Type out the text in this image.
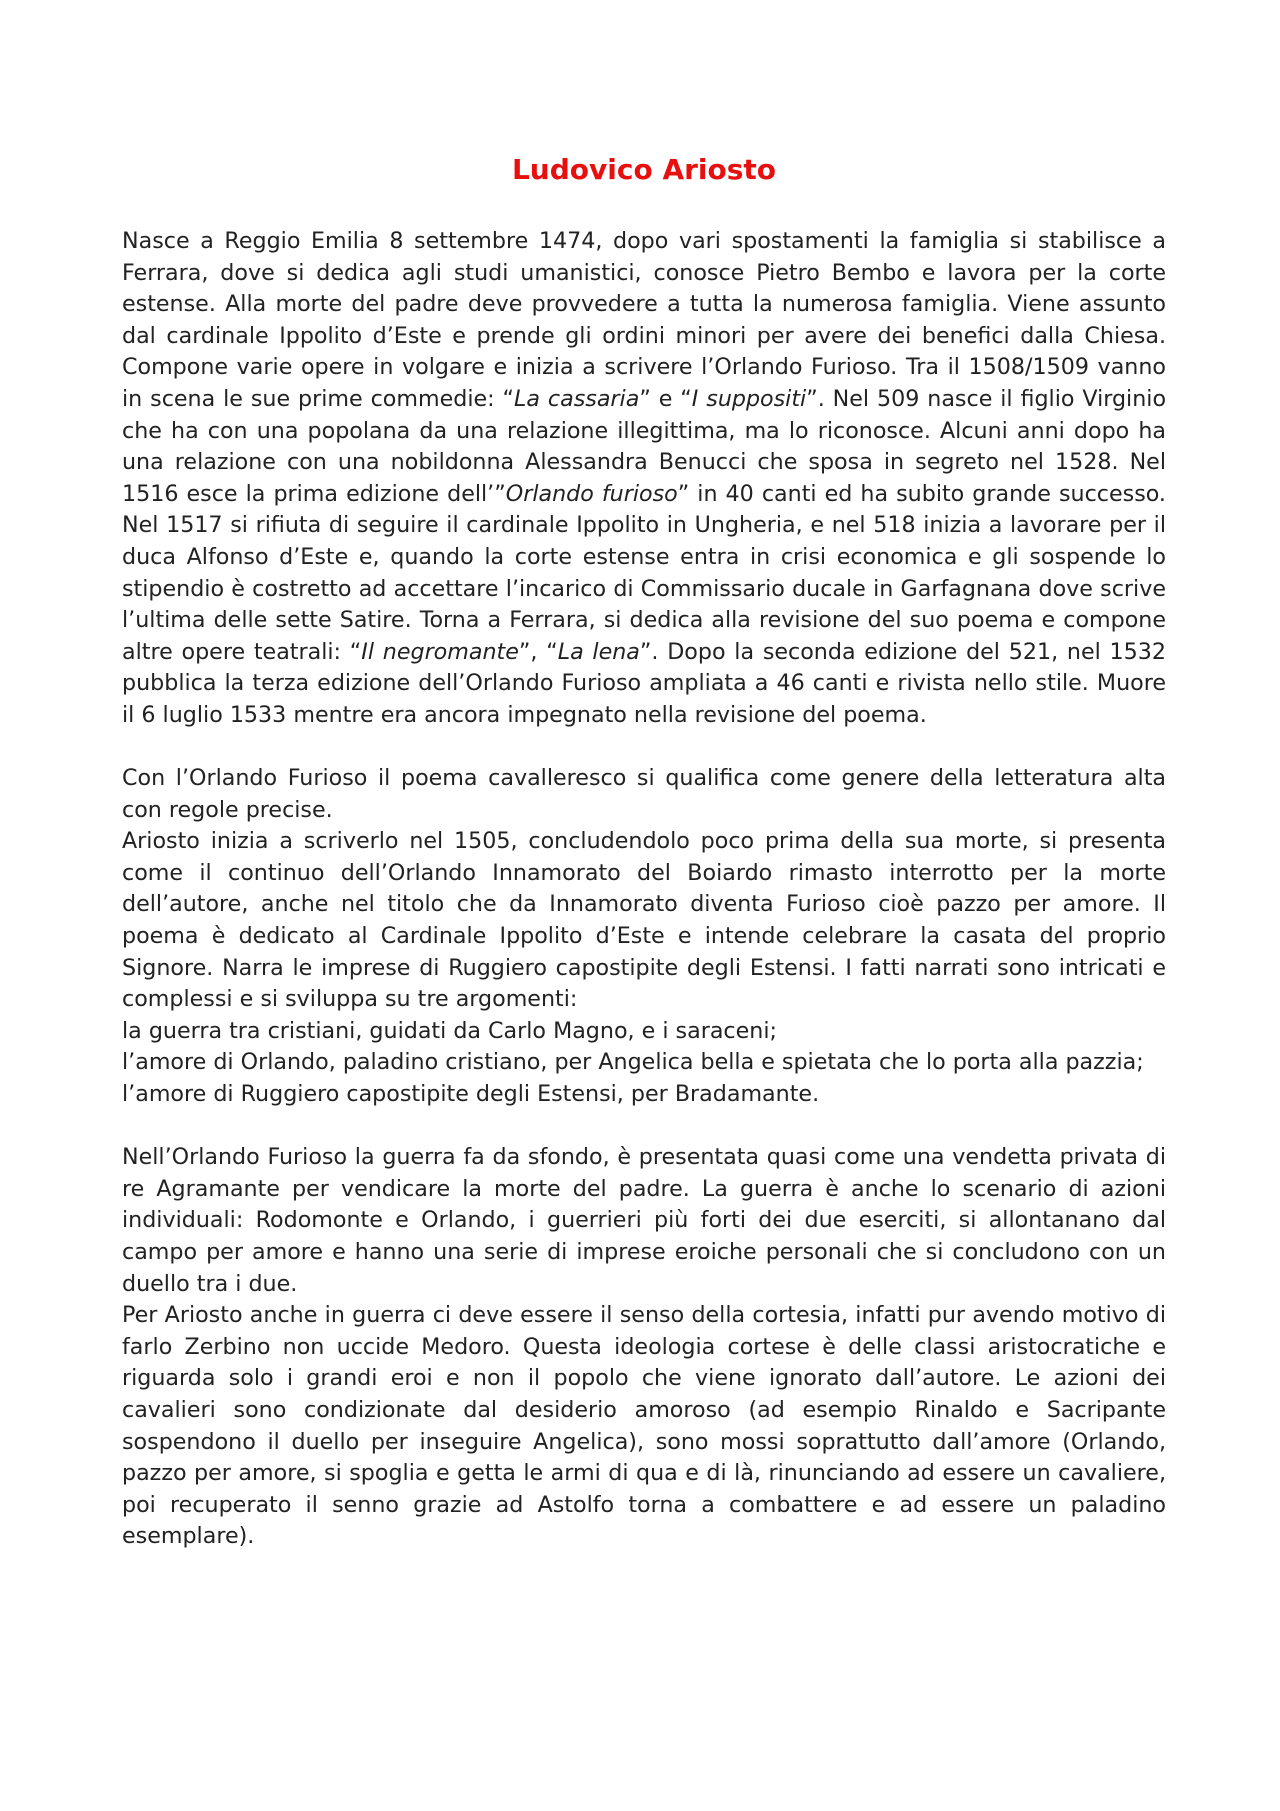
Ludovico Ariosto

Nasce a Reggio Emilia 8 settembre 1474, dopo vari spostamenti la famiglia si stabilisce a Ferrara, dove si dedica agli studi umanistici, conosce Pietro Bembo e lavora per la corte estense. Alla morte del padre deve provvedere a tutta la numerosa famiglia. Viene assunto dal cardinale Ippolito d’Este e prende gli ordini minori per avere dei benefici dalla Chiesa. Compone varie opere in volgare e inizia a scrivere l’Orlando Furioso. Tra il 1508/1509 vanno in scena le sue prime commedie: “La cassaria” e “I suppositi”. Nel 509 nasce il figlio Virginio che ha con una popolana da una relazione illegittima, ma lo riconosce. Alcuni anni dopo ha una relazione con una nobildonna Alessandra Benucci che sposa in segreto nel 1528. Nel 1516 esce la prima edizione dell’”Orlando furioso” in 40 canti ed ha subito grande successo. Nel 1517 si rifiuta di seguire il cardinale Ippolito in Ungheria, e nel 518 inizia a lavorare per il duca Alfonso d’Este e, quando la corte estense entra in crisi economica e gli sospende lo stipendio è costretto ad accettare l’incarico di Commissario ducale in Garfagnana dove scrive l’ultima delle sette Satire. Torna a Ferrara, si dedica alla revisione del suo poema e compone altre opere teatrali: “Il negromante”, “La lena”. Dopo la seconda edizione del 521, nel 1532 pubblica la terza edizione dell’Orlando Furioso ampliata a 46 canti e rivista nello stile. Muore il 6 luglio 1533 mentre era ancora impegnato nella revisione del poema.

Con l’Orlando Furioso il poema cavalleresco si qualifica come genere della letteratura alta con regole precise.

Ariosto inizia a scriverlo nel 1505, concludendolo poco prima della sua morte, si presenta come il continuo dell’Orlando Innamorato del Boiardo rimasto interrotto per la morte dell’autore, anche nel titolo che da Innamorato diventa Furioso cioè pazzo per amore. Il poema è dedicato al Cardinale Ippolito d’Este e intende celebrare la casata del proprio Signore. Narra le imprese di Ruggiero capostipite degli Estensi. I fatti narrati sono intricati e complessi e si sviluppa su tre argomenti:

la guerra tra cristiani, guidati da Carlo Magno, e i saraceni;

l’amore di Orlando, paladino cristiano, per Angelica bella e spietata che lo porta alla pazzia;

l’amore di Ruggiero capostipite degli Estensi, per Bradamante.

Nell’Orlando Furioso la guerra fa da sfondo, è presentata quasi come una vendetta privata di re Agramante per vendicare la morte del padre. La guerra è anche lo scenario di azioni individuali: Rodomonte e Orlando, i guerrieri più forti dei due eserciti, si allontanano dal campo per amore e hanno una serie di imprese eroiche personali che si concludono con un duello tra i due.

Per Ariosto anche in guerra ci deve essere il senso della cortesia, infatti pur avendo motivo di farlo Zerbino non uccide Medoro. Questa ideologia cortese è delle classi aristocratiche e riguarda solo i grandi eroi e non il popolo che viene ignorato dall’autore. Le azioni dei cavalieri sono condizionate dal desiderio amoroso (ad esempio Rinaldo e Sacripante sospendono il duello per inseguire Angelica), sono mossi soprattutto dall’amore (Orlando, pazzo per amore, si spoglia e getta le armi di qua e di là, rinunciando ad essere un cavaliere, poi recuperato il senno grazie ad Astolfo torna a combattere e ad essere un paladino esemplare).
